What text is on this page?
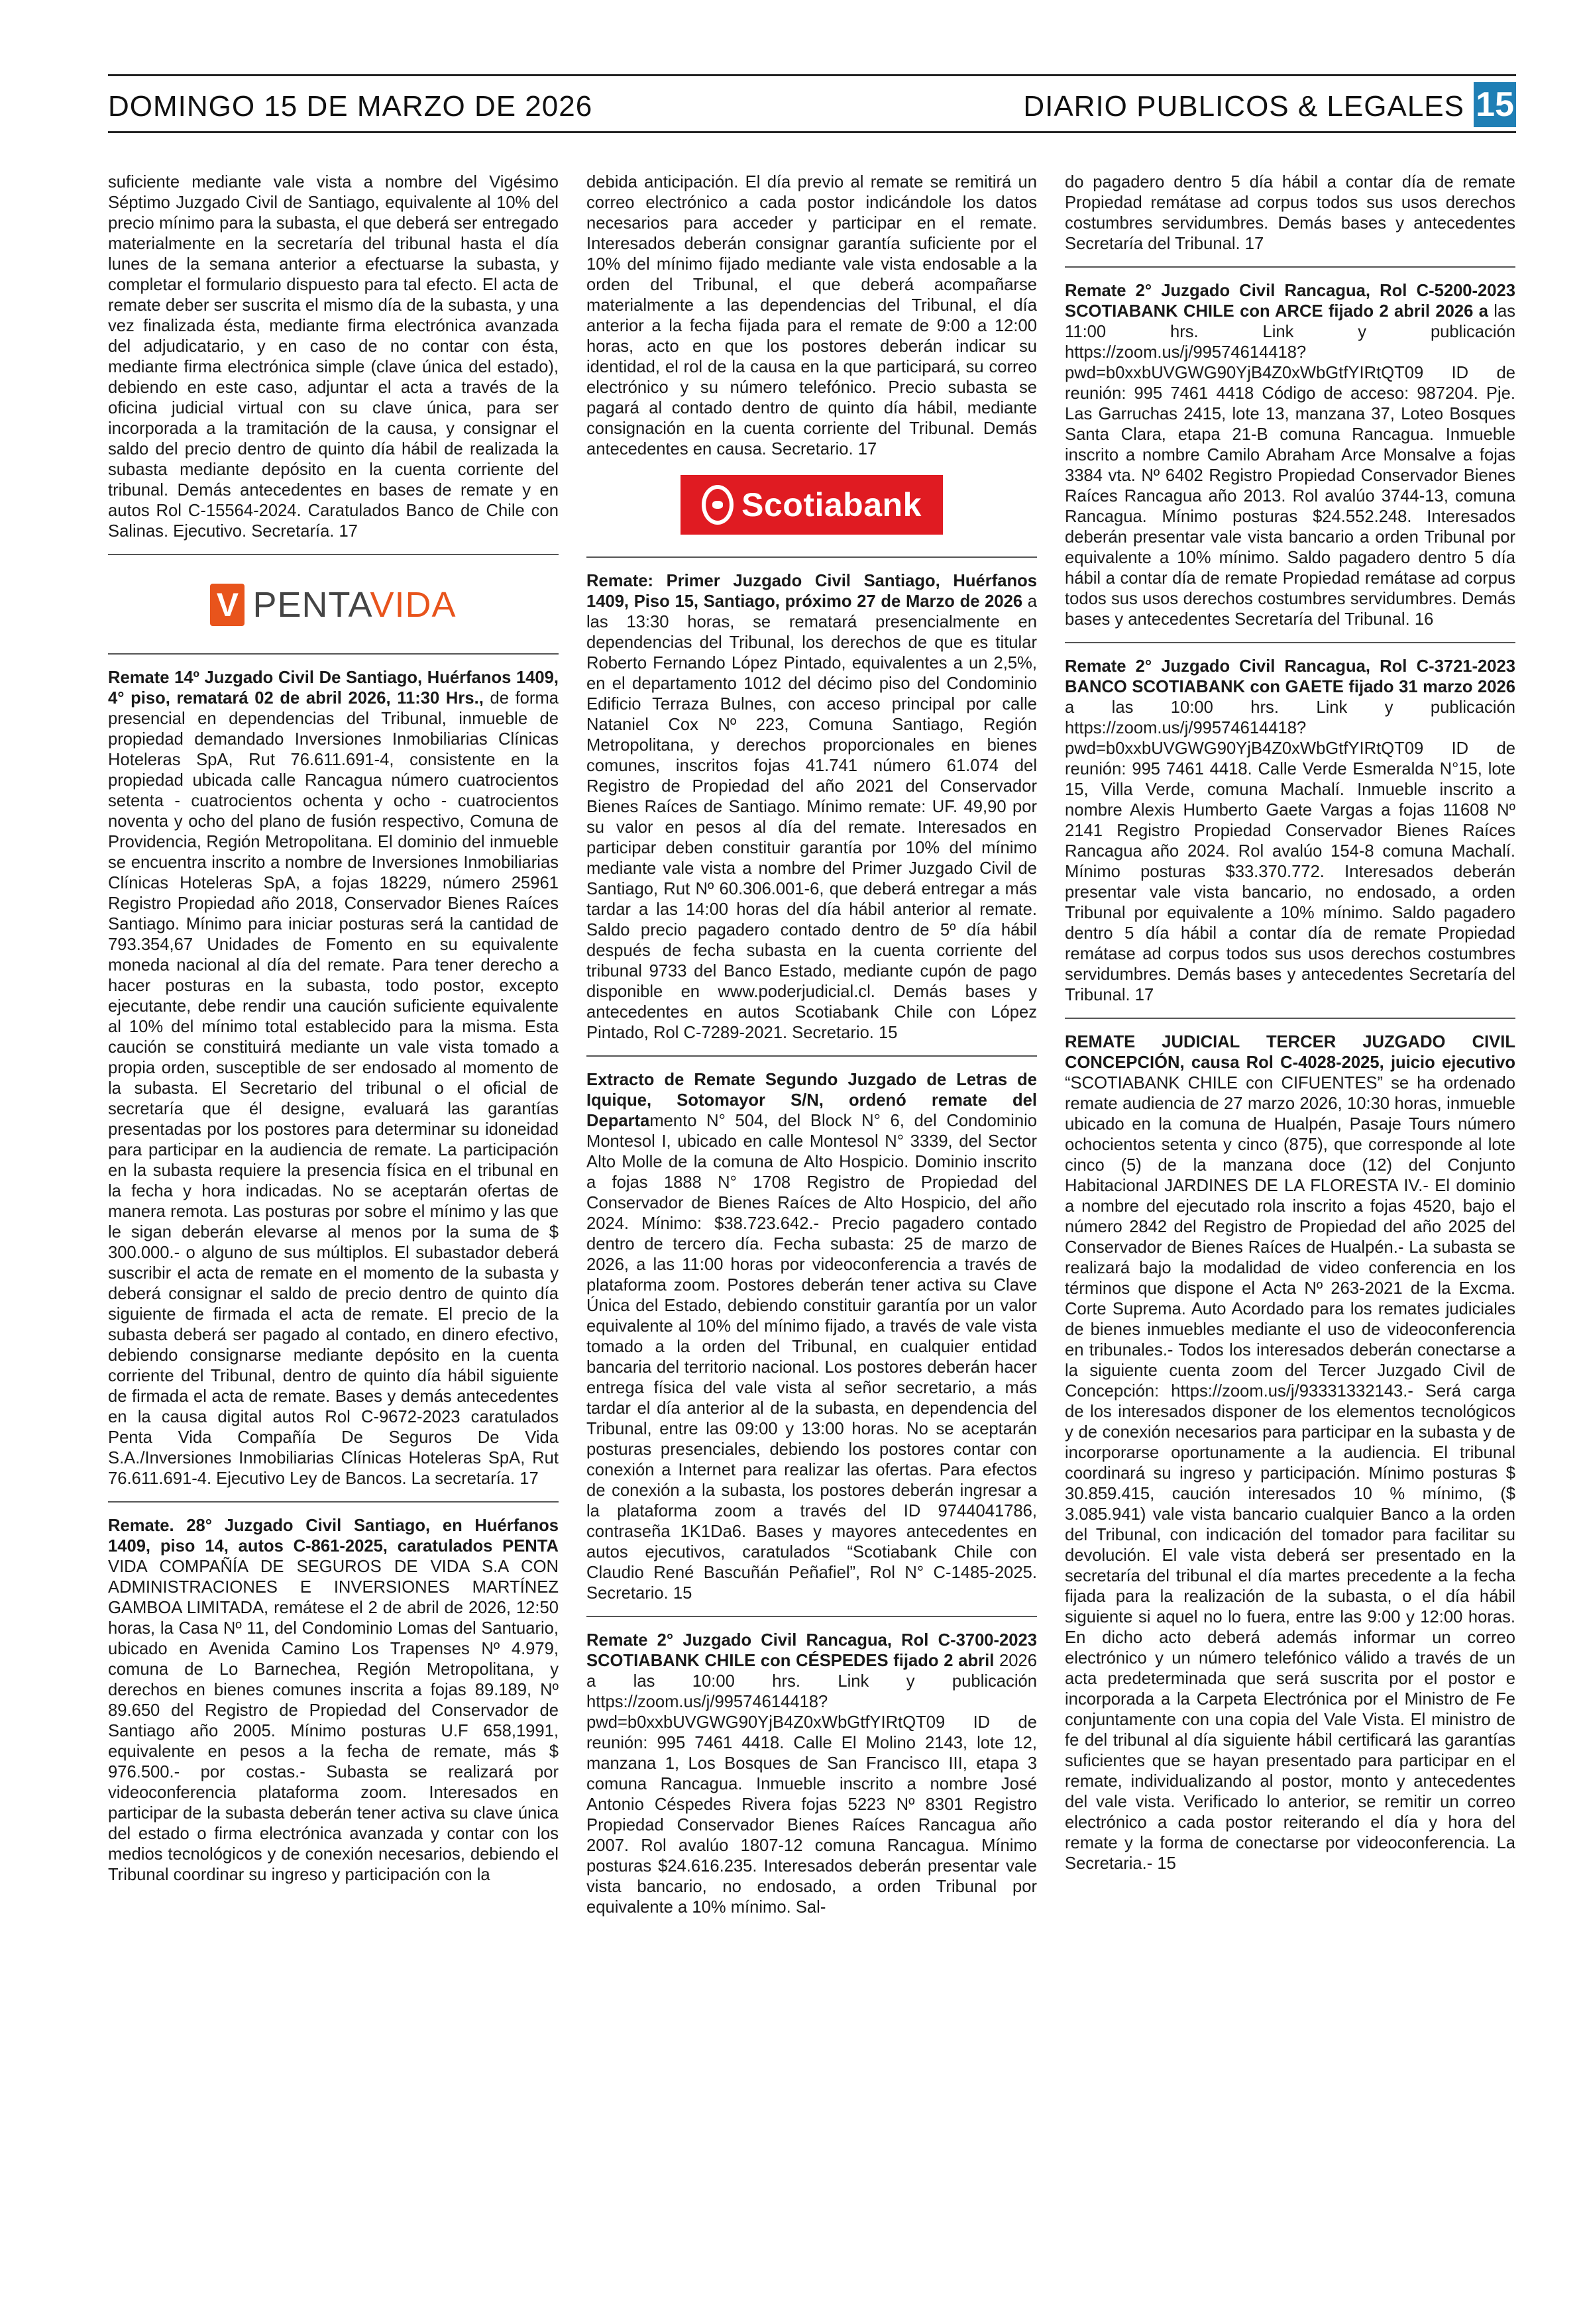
DOMINGO 15 DE MARZO DE 2026	DIARIO PUBLICOS & LEGALES 15

suficiente mediante vale vista a nombre del Vigésimo Séptimo Juzgado Civil de Santiago, equivalente al 10% del precio mínimo para la subasta, el que deberá ser entregado materialmente en la secretaría del tribunal hasta el día lunes de la semana anterior a efectuarse la subasta, y completar el formulario dispuesto para tal efecto. El acta de remate deber ser suscrita el mismo día de la subasta, y una vez finalizada ésta, mediante firma electrónica avanzada del adjudicatario, y en caso de no contar con ésta, mediante firma electrónica simple (clave única del estado), debiendo en este caso, adjuntar el acta a través de la oficina judicial virtual con su clave única, para ser incorporada a la tramitación de la causa, y consignar el saldo del precio dentro de quinto día hábil de realizada la subasta mediante depósito en la cuenta corriente del tribunal. Demás antecedentes en bases de remate y en autos Rol C-15564-2024. Caratulados Banco de Chile con Salinas. Ejecutivo. Secretaría. 17

V PENTAVIDA

Remate 14º Juzgado Civil De Santiago, Huérfanos 1409, 4° piso, rematará 02 de abril 2026, 11:30 Hrs., de forma presencial en dependencias del Tribunal, inmueble de propiedad demandado Inversiones Inmobiliarias Clínicas Hoteleras SpA, Rut 76.611.691-4, consistente en la propiedad ubicada calle Rancagua número cuatrocientos setenta - cuatrocientos ochenta y ocho - cuatrocientos noventa y ocho del plano de fusión respectivo, Comuna de Providencia, Región Metropolitana. El dominio del inmueble se encuentra inscrito a nombre de Inversiones Inmobiliarias Clínicas Hoteleras SpA, a fojas 18229, número 25961 Registro Propiedad año 2018, Conservador Bienes Raíces Santiago. Mínimo para iniciar posturas será la cantidad de 793.354,67 Unidades de Fomento en su equivalente moneda nacional al día del remate. Para tener derecho a hacer posturas en la subasta, todo postor, excepto ejecutante, debe rendir una caución suficiente equivalente al 10% del mínimo total establecido para la misma. Esta caución se constituirá mediante un vale vista tomado a propia orden, susceptible de ser endosado al momento de la subasta. El Secretario del tribunal o el oficial de secretaría que él designe, evaluará las garantías presentadas por los postores para determinar su idoneidad para participar en la audiencia de remate. La participación en la subasta requiere la presencia física en el tribunal en la fecha y hora indicadas. No se aceptarán ofertas de manera remota. Las posturas por sobre el mínimo y las que le sigan deberán elevarse al menos por la suma de $ 300.000.- o alguno de sus múltiplos. El subastador deberá suscribir el acta de remate en el momento de la subasta y deberá consignar el saldo de precio dentro de quinto día siguiente de firmada el acta de remate. El precio de la subasta deberá ser pagado al contado, en dinero efectivo, debiendo consignarse mediante depósito en la cuenta corriente del Tribunal, dentro de quinto día hábil siguiente de firmada el acta de remate. Bases y demás antecedentes en la causa digital autos Rol C-9672-2023 caratulados Penta Vida Compañía De Seguros De Vida S.A./Inversiones Inmobiliarias Clínicas Hoteleras SpA, Rut 76.611.691-4. Ejecutivo Ley de Bancos. La secretaría. 17

Remate. 28° Juzgado Civil Santiago, en Huérfanos 1409, piso 14, autos C-861-2025, caratulados PENTA VIDA COMPAÑÍA DE SEGUROS DE VIDA S.A CON ADMINISTRACIONES E INVERSIONES MARTÍNEZ GAMBOA LIMITADA, remátese el 2 de abril de 2026, 12:50 horas, la Casa Nº 11, del Condominio Lomas del Santuario, ubicado en Avenida Camino Los Trapenses Nº 4.979, comuna de Lo Barnechea, Región Metropolitana, y derechos en bienes comunes inscrita a fojas 89.189, Nº 89.650 del Registro de Propiedad del Conservador de Santiago año 2005. Mínimo posturas U.F 658,1991, equivalente en pesos a la fecha de remate, más $ 976.500.- por costas.- Subasta se realizará por videoconferencia plataforma zoom. Interesados en participar de la subasta deberán tener activa su clave única del estado o firma electrónica avanzada y contar con los medios tecnológicos y de conexión necesarios, debiendo el Tribunal coordinar su ingreso y participación con la

debida anticipación. El día previo al remate se remitirá un correo electrónico a cada postor indicándole los datos necesarios para acceder y participar en el remate. Interesados deberán consignar garantía suficiente por el 10% del mínimo fijado mediante vale vista endosable a la orden del Tribunal, el que deberá acompañarse materialmente a las dependencias del Tribunal, el día anterior a la fecha fijada para el remate de 9:00 a 12:00 horas, acto en que los postores deberán indicar su identidad, el rol de la causa en la que participará, su correo electrónico y su número telefónico. Precio subasta se pagará al contado dentro de quinto día hábil, mediante consignación en la cuenta corriente del Tribunal. Demás antecedentes en causa. Secretario. 17

Scotiabank

Remate: Primer Juzgado Civil Santiago, Huérfanos 1409, Piso 15, Santiago, próximo 27 de Marzo de 2026 a las 13:30 horas, se rematará presencialmente en dependencias del Tribunal, los derechos de que es titular Roberto Fernando López Pintado, equivalentes a un 2,5%, en el departamento 1012 del décimo piso del Condominio Edificio Terraza Bulnes, con acceso principal por calle Nataniel Cox Nº 223, Comuna Santiago, Región Metropolitana, y derechos proporcionales en bienes comunes, inscritos fojas 41.741 número 61.074 del Registro de Propiedad del año 2021 del Conservador Bienes Raíces de Santiago. Mínimo remate: UF. 49,90 por su valor en pesos al día del remate. Interesados en participar deben constituir garantía por 10% del mínimo mediante vale vista a nombre del Primer Juzgado Civil de Santiago, Rut Nº 60.306.001-6, que deberá entregar a más tardar a las 14:00 horas del día hábil anterior al remate. Saldo precio pagadero contado dentro de 5º día hábil después de fecha subasta en la cuenta corriente del tribunal 9733 del Banco Estado, mediante cupón de pago disponible en www.poderjudicial.cl. Demás bases y antecedentes en autos Scotiabank Chile con López Pintado, Rol C-7289-2021. Secretario. 15

Extracto de Remate Segundo Juzgado de Letras de Iquique, Sotomayor S/N, ordenó remate del Departamento N° 504, del Block N° 6, del Condominio Montesol I, ubicado en calle Montesol N° 3339, del Sector Alto Molle de la comuna de Alto Hospicio. Dominio inscrito a fojas 1888 N° 1708 Registro de Propiedad del Conservador de Bienes Raíces de Alto Hospicio, del año 2024. Mínimo: $38.723.642.- Precio pagadero contado dentro de tercero día. Fecha subasta: 25 de marzo de 2026, a las 11:00 horas por videoconferencia a través de plataforma zoom. Postores deberán tener activa su Clave Única del Estado, debiendo constituir garantía por un valor equivalente al 10% del mínimo fijado, a través de vale vista tomado a la orden del Tribunal, en cualquier entidad bancaria del territorio nacional. Los postores deberán hacer entrega física del vale vista al señor secretario, a más tardar el día anterior al de la subasta, en dependencia del Tribunal, entre las 09:00 y 13:00 horas. No se aceptarán posturas presenciales, debiendo los postores contar con conexión a Internet para realizar las ofertas. Para efectos de conexión a la subasta, los postores deberán ingresar a la plataforma zoom a través del ID 9744041786, contraseña 1K1Da6. Bases y mayores antecedentes en autos ejecutivos, caratulados “Scotiabank Chile con Claudio René Bascuñán Peñafiel”, Rol N° C-1485-2025. Secretario. 15

Remate 2° Juzgado Civil Rancagua, Rol C-3700-2023 SCOTIABANK CHILE con CÉSPEDES fijado 2 abril 2026 a las 10:00 hrs. Link y publicación https://zoom.us/j/99574614418?pwd=b0xxbUVGWG90YjB4Z0xWbGtfYIRtQT09 ID de reunión: 995 7461 4418. Calle El Molino 2143, lote 12, manzana 1, Los Bosques de San Francisco III, etapa 3 comuna Rancagua. Inmueble inscrito a nombre José Antonio Céspedes Rivera fojas 5223 Nº 8301 Registro Propiedad Conservador Bienes Raíces Rancagua año 2007. Rol avalúo 1807-12 comuna Rancagua. Mínimo posturas $24.616.235. Interesados deberán presentar vale vista bancario, no endosado, a orden Tribunal por equivalente a 10% mínimo. Sal-

do pagadero dentro 5 día hábil a contar día de remate Propiedad remátase ad corpus todos sus usos derechos costumbres servidumbres. Demás bases y antecedentes Secretaría del Tribunal. 17

Remate 2° Juzgado Civil Rancagua, Rol C-5200-2023 SCOTIABANK CHILE con ARCE fijado 2 abril 2026 a las 11:00 hrs. Link y publicación https://zoom.us/j/99574614418?pwd=b0xxbUVGWG90YjB4Z0xWbGtfYIRtQT09 ID de reunión: 995 7461 4418 Código de acceso: 987204. Pje. Las Garruchas 2415, lote 13, manzana 37, Loteo Bosques Santa Clara, etapa 21-B comuna Rancagua. Inmueble inscrito a nombre Camilo Abraham Arce Monsalve a fojas 3384 vta. Nº 6402 Registro Propiedad Conservador Bienes Raíces Rancagua año 2013. Rol avalúo 3744-13, comuna Rancagua. Mínimo posturas $24.552.248. Interesados deberán presentar vale vista bancario a orden Tribunal por equivalente a 10% mínimo. Saldo pagadero dentro 5 día hábil a contar día de remate Propiedad remátase ad corpus todos sus usos derechos costumbres servidumbres. Demás bases y antecedentes Secretaría del Tribunal. 16

Remate 2° Juzgado Civil Rancagua, Rol C-3721-2023 BANCO SCOTIABANK con GAETE fijado 31 marzo 2026 a las 10:00 hrs. Link y publicación https://zoom.us/j/99574614418?pwd=b0xxbUVGWG90YjB4Z0xWbGtfYIRtQT09 ID de reunión: 995 7461 4418. Calle Verde Esmeralda N°15, lote 15, Villa Verde, comuna Machalí. Inmueble inscrito a nombre Alexis Humberto Gaete Vargas a fojas 11608 Nº 2141 Registro Propiedad Conservador Bienes Raíces Rancagua año 2024. Rol avalúo 154-8 comuna Machalí. Mínimo posturas $33.370.772. Interesados deberán presentar vale vista bancario, no endosado, a orden Tribunal por equivalente a 10% mínimo. Saldo pagadero dentro 5 día hábil a contar día de remate Propiedad remátase ad corpus todos sus usos derechos costumbres servidumbres. Demás bases y antecedentes Secretaría del Tribunal. 17

REMATE JUDICIAL TERCER JUZGADO CIVIL CONCEPCIÓN, causa Rol C-4028-2025, juicio ejecutivo “SCOTIABANK CHILE con CIFUENTES” se ha ordenado remate audiencia de 27 marzo 2026, 10:30 horas, inmueble ubicado en la comuna de Hualpén, Pasaje Tours número ochocientos setenta y cinco (875), que corresponde al lote cinco (5) de la manzana doce (12) del Conjunto Habitacional JARDINES DE LA FLORESTA IV.- El dominio a nombre del ejecutado rola inscrito a fojas 4520, bajo el número 2842 del Registro de Propiedad del año 2025 del Conservador de Bienes Raíces de Hualpén.- La subasta se realizará bajo la modalidad de video conferencia en los términos que dispone el Acta Nº 263-2021 de la Excma. Corte Suprema. Auto Acordado para los remates judiciales de bienes inmuebles mediante el uso de videoconferencia en tribunales.- Todos los interesados deberán conectarse a la siguiente cuenta zoom del Tercer Juzgado Civil de Concepción: https://zoom.us/j/93331332143.- Será carga de los interesados disponer de los elementos tecnológicos y de conexión necesarios para participar en la subasta y de incorporarse oportunamente a la audiencia. El tribunal coordinará su ingreso y participación. Mínimo posturas $ 30.859.415, caución interesados 10 % mínimo, ($ 3.085.941) vale vista bancario cualquier Banco a la orden del Tribunal, con indicación del tomador para facilitar su devolución. El vale vista deberá ser presentado en la secretaría del tribunal el día martes precedente a la fecha fijada para la realización de la subasta, o el día hábil siguiente si aquel no lo fuera, entre las 9:00 y 12:00 horas. En dicho acto deberá además informar un correo electrónico y un número telefónico válido a través de un acta predeterminada que será suscrita por el postor e incorporada a la Carpeta Electrónica por el Ministro de Fe conjuntamente con una copia del Vale Vista. El ministro de fe del tribunal al día siguiente hábil certificará las garantías suficientes que se hayan presentado para participar en el remate, individualizando al postor, monto y antecedentes del vale vista. Verificado lo anterior, se remitir un correo electrónico a cada postor reiterando el día y hora del remate y la forma de conectarse por videoconferencia. La Secretaria.- 15
